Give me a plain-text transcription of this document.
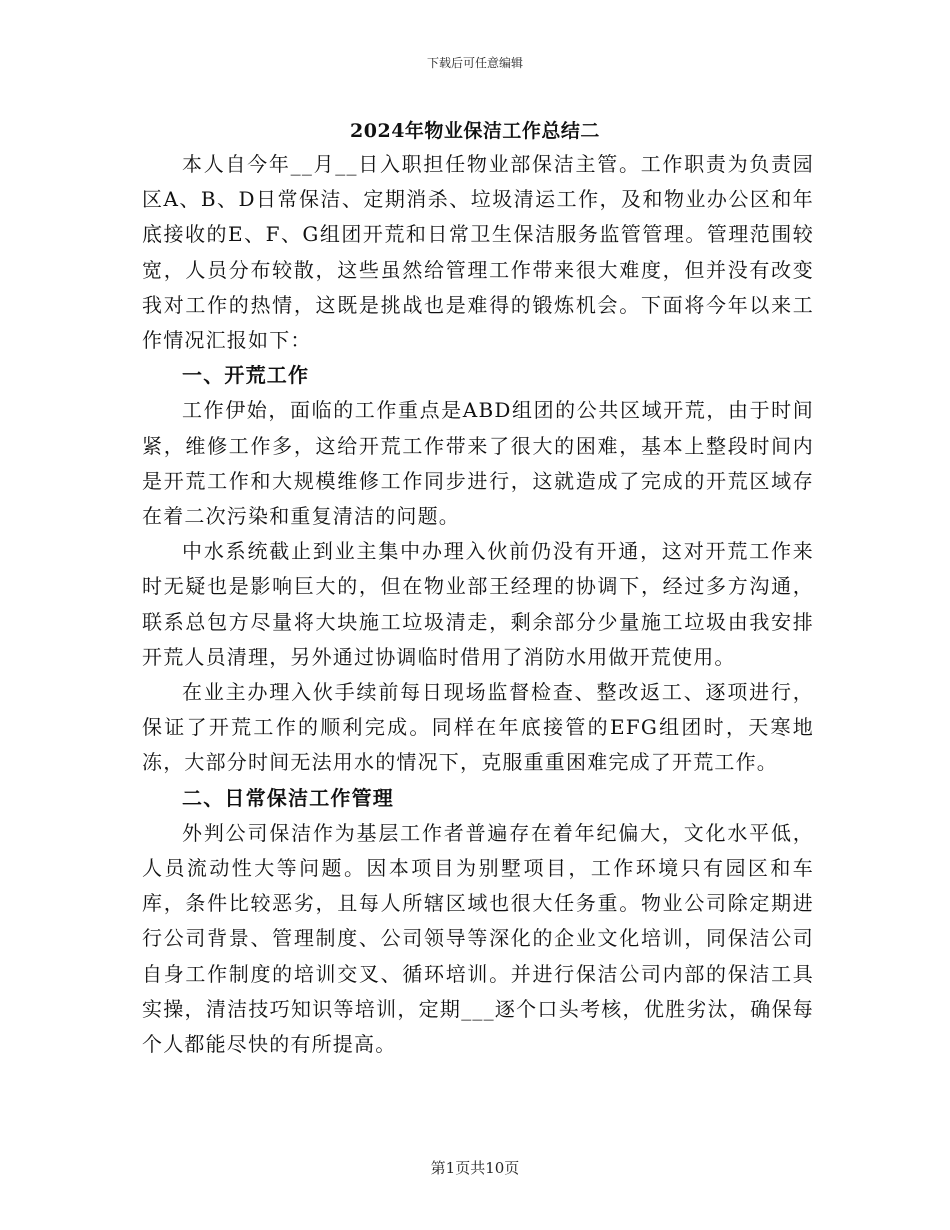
下载后可任意编辑
2024年物业保洁工作总结二

本人自今年__月__日入职担任物业部保洁主管。工作职责为负责园区A、B、D日常保洁、定期消杀、垃圾清运工作，及和物业办公区和年底接收的E、F、G组团开荒和日常卫生保洁服务监管管理。管理范围较宽，人员分布较散，这些虽然给管理工作带来很大难度，但并没有改变我对工作的热情，这既是挑战也是难得的锻炼机会。下面将今年以来工作情况汇报如下：

一、开荒工作

工作伊始，面临的工作重点是ABD组团的公共区域开荒，由于时间紧，维修工作多，这给开荒工作带来了很大的困难，基本上整段时间内是开荒工作和大规模维修工作同步进行，这就造成了完成的开荒区域存在着二次污染和重复清洁的问题。

中水系统截止到业主集中办理入伙前仍没有开通，这对开荒工作来时无疑也是影响巨大的，但在物业部王经理的协调下，经过多方沟通，联系总包方尽量将大块施工垃圾清走，剩余部分少量施工垃圾由我安排开荒人员清理，另外通过协调临时借用了消防水用做开荒使用。

在业主办理入伙手续前每日现场监督检查、整改返工、逐项进行，保证了开荒工作的顺利完成。同样在年底接管的EFG组团时，天寒地冻，大部分时间无法用水的情况下，克服重重困难完成了开荒工作。

二、日常保洁工作管理

外判公司保洁作为基层工作者普遍存在着年纪偏大，文化水平低，人员流动性大等问题。因本项目为别墅项目，工作环境只有园区和车库，条件比较恶劣，且每人所辖区域也很大任务重。物业公司除定期进行公司背景、管理制度、公司领导等深化的企业文化培训，同保洁公司自身工作制度的培训交叉、循环培训。并进行保洁公司内部的保洁工具实操，清洁技巧知识等培训，定期___逐个口头考核，优胜劣汰，确保每个人都能尽快的有所提高。

第1页共10页
